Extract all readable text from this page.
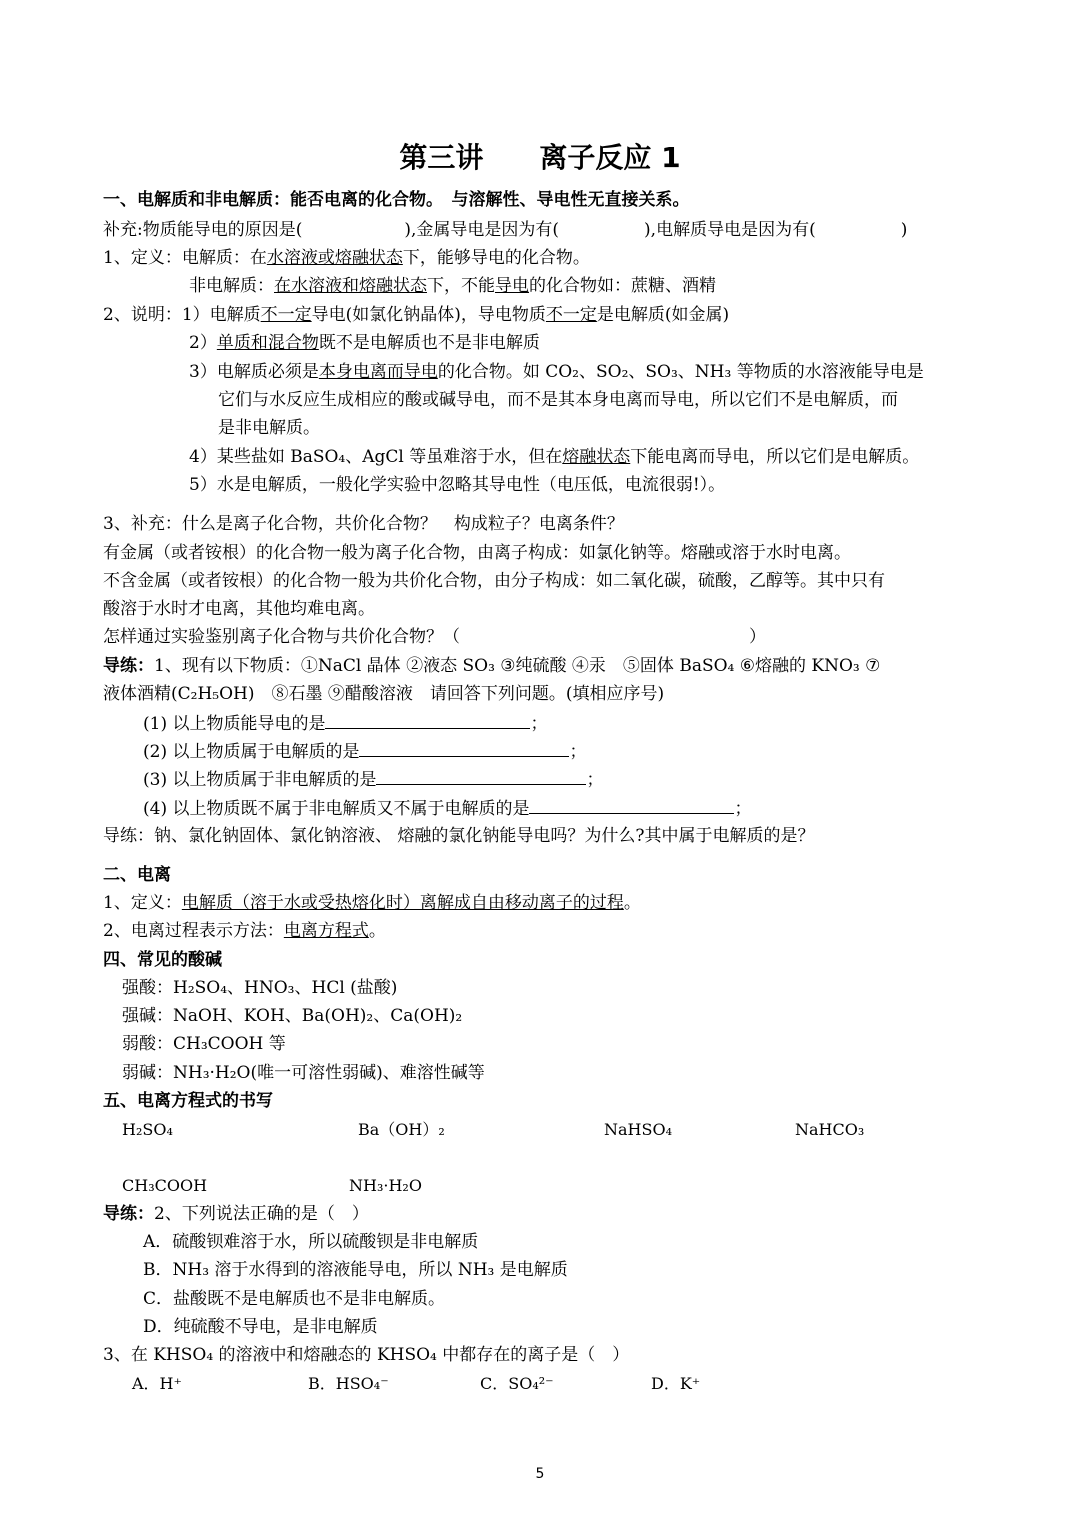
第三讲　　离子反应 1
一、电解质和非电解质：能否电离的化合物。　与溶解性、导电性无直接关系。
补充:物质能导电的原因是(　　　　　　),金属导电是因为有(　　　　　),电解质导电是因为有(　　　　　)
1、定义：电解质：在水溶液或熔融状态下，能够导电的化合物。
非电解质：在水溶液和熔融状态下，不能导电的化合物如：蔗糖、酒精
2、说明：1）电解质不一定导电(如氯化钠晶体)，导电物质不一定是电解质(如金属)
2）单质和混合物既不是电解质也不是非电解质
3）电解质必须是本身电离而导电的化合物。如 CO₂、SO₂、SO₃、NH₃ 等物质的水溶液能导电是
它们与水反应生成相应的酸或碱导电，而不是其本身电离而导电，所以它们不是电解质，而
是非电解质。
4）某些盐如 BaSO₄、AgCl 等虽难溶于水，但在熔融状态下能电离而导电，所以它们是电解质。
5）水是电解质，一般化学实验中忽略其导电性（电压低，电流很弱!）。
3、补充：什么是离子化合物，共价化合物？　构成粒子？电离条件？
有金属（或者铵根）的化合物一般为离子化合物，由离子构成：如氯化钠等。熔融或溶于水时电离。
不含金属（或者铵根）的化合物一般为共价化合物，由分子构成：如二氧化碳，硫酸，乙醇等。其中只有
酸溶于水时才电离，其他均难电离。
怎样通过实验鉴别离子化合物与共价化合物？（　　　　　　　　　　　　　　　　　）
导练：1、现有以下物质：①NaCl 晶体 ②液态 SO₃ ③纯硫酸 ④汞　⑤固体 BaSO₄ ⑥熔融的 KNO₃ ⑦
液体酒精(C₂H₅OH)　⑧石墨 ⑨醋酸溶液　请回答下列问题。(填相应序号)
(1) 以上物质能导电的是	；
(2) 以上物质属于电解质的是	；
(3) 以上物质属于非电解质的是	；
(4) 以上物质既不属于非电解质又不属于电解质的是	；
导练：钠、氯化钠固体、氯化钠溶液、 熔融的氯化钠能导电吗？为什么?其中属于电解质的是？
二、电离
1、定义：电解质（溶于水或受热熔化时）离解成自由移动离子的过程。
2、电离过程表示方法：电离方程式。
四、常见的酸碱
强酸：H₂SO₄、HNO₃、HCl (盐酸)
强碱：NaOH、KOH、Ba(OH)₂、Ca(OH)₂
弱酸：CH₃COOH 等
弱碱：NH₃·H₂O(唯一可溶性弱碱)、难溶性碱等
五、电离方程式的书写
H₂SO₄	Ba（OH）₂	NaHSO₄	NaHCO₃
CH₃COOH	NH₃·H₂O
导练：2、下列说法正确的是（　）
A．硫酸钡难溶于水，所以硫酸钡是非电解质
B．NH₃ 溶于水得到的溶液能导电，所以 NH₃ 是电解质
C．盐酸既不是电解质也不是非电解质。
D．纯硫酸不导电，是非电解质
3、在 KHSO₄ 的溶液中和熔融态的 KHSO₄ 中都存在的离子是（　）
A．H⁺	B．HSO₄⁻	C．SO₄²⁻	D．K⁺
5
